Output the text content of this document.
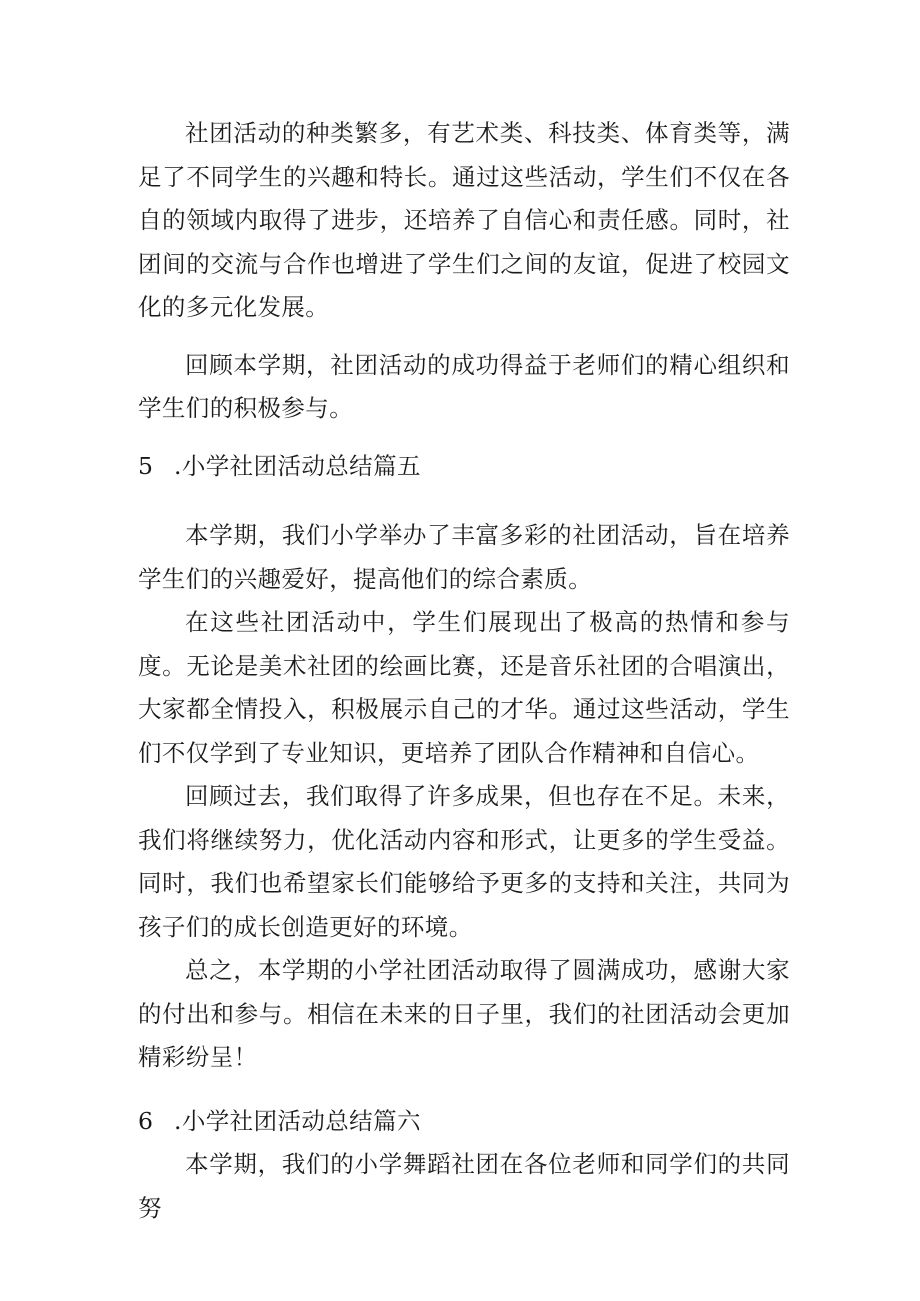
社团活动的种类繁多，有艺术类、科技类、体育类等，满足了不同学生的兴趣和特长。通过这些活动，学生们不仅在各自的领域内取得了进步，还培养了自信心和责任感。同时，社团间的交流与合作也增进了学生们之间的友谊，促进了校园文化的多元化发展。

回顾本学期，社团活动的成功得益于老师们的精心组织和学生们的积极参与。

5 .小学社团活动总结篇五

本学期，我们小学举办了丰富多彩的社团活动，旨在培养学生们的兴趣爱好，提高他们的综合素质。

在这些社团活动中，学生们展现出了极高的热情和参与度。无论是美术社团的绘画比赛，还是音乐社团的合唱演出，大家都全情投入，积极展示自己的才华。通过这些活动，学生们不仅学到了专业知识，更培养了团队合作精神和自信心。

回顾过去，我们取得了许多成果，但也存在不足。未来，我们将继续努力，优化活动内容和形式，让更多的学生受益。同时，我们也希望家长们能够给予更多的支持和关注，共同为孩子们的成长创造更好的环境。

总之，本学期的小学社团活动取得了圆满成功，感谢大家的付出和参与。相信在未来的日子里，我们的社团活动会更加精彩纷呈！

6 .小学社团活动总结篇六

本学期，我们的小学舞蹈社团在各位老师和同学们的共同努
